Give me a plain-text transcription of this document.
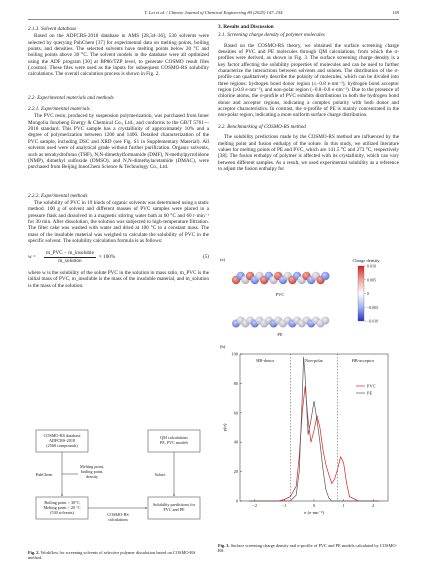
T. Lei et al. / Chinese Journal of Chemical Engineering 80 (2025) 147–154	149
2.1.3. Solvent database

Based on the ADFCRS-2018 database in AMS [28,34–36], 530 solvents were selected by querying PubChem [37] for experimental data on melting points, boiling points, and densities. The selected solvents have melting points below 20 °C and boiling points above 30 °C. The solvent models in the database were all optimized using the ADF program [30] at BP86/TZP level, to generate COSMO result files (.cosmo). These files were used as the inputs for subsequent COSMO-RS solubility calculations. The overall calculation process is shown in Fig. 2.

2.2. Experimental materials and methods
2.2.1. Experimental materials

The PVC resin, produced by suspension polymerization, was purchased from Inner Mongolia Junzheng Energy & Chemical Co., Ltd., and conforms to the GB/T 5761—2018 standard. This PVC sample has a crystallinity of approximately 10% and a degree of polymerization between 1200 and 1400. Detailed characterization of the PVC sample, including DSC and XRD (see Fig. S1 in Supplementary Material). All solvents used were of analytical grade without further purification. Organic solvents, such as tetrahydrofuran (THF), N,N-dimethylformamide (DMF), N-methylpyrrolidone (NMP), dimethyl sulfoxide (DMSO), and N,N-dimethylacetamide (DMAC), were purchased from Beijing InnoChem Science & Technology Co., Ltd.

2.2.2. Experimental methods

The solubility of PVC in 19 kinds of organic solvents was determined using a static method. 100 g of solvent and different masses of PVC samples were placed in a pressure flask and dissolved in a magnetic stirring water bath at 60 °C and 60 r·min⁻¹ for 30 min. After dissolution, the solution was subjected to high-temperature filtration. The filter cake was washed with water and dried at 100 °C to a constant mass. The mass of the insoluble material was weighed to calculate the solubility of PVC in the specific solvent. The solubility calculation formula is as follows:

w =	$\frac{\text{m\_PVC − m\_insoluble}}{\text{m\_solution}} \times 100\%$	(5)

where w is the solubility of the solute PVC in the solution in mass ratio, m_PVC is the initial mass of PVC, m_insoluble is the mass of the insoluble material, and m_solution is the mass of the solution.

3. Results and Discussion
3.1. Screening charge density of polymer molecules

Based on the COSMO-RS theory, we obtained the surface screening charge densities of PVC and PE molecules through QM calculations, from which the σ-profiles were derived, as shown in Fig. 3. The surface screening charge density is a key factor affecting the solubility properties of molecules and can be used to further characterize the interactions between solvents and solutes. The distribution of the σ-profile can qualitatively describe the polarity of molecules, which can be divided into three regions: hydrogen bond donor region (≤−0.8 e·nm⁻²), hydrogen bond acceptor region (≥0.8 e·nm⁻²), and non-polar region (−0.8–0.8 e·nm⁻²). Due to the presence of chlorine atoms, the σ-profile of PVC exhibits distributions in both the hydrogen bond donor and acceptor regions, indicating a complex polarity with both donor and acceptor characteristics. In contrast, the σ-profile of PE is mainly concentrated in the non-polar region, indicating a more uniform surface charge distribution.

3.2. Benchmarking of COSMO-RS method

The solubility predictions made by the COSMO-RS method are influenced by the melting point and fusion enthalpy of the solute. In this study, we utilized literature values for melting points of PE and PVC, which are 141.5 °C and 273 °C, respectively [38]. The fusion enthalpy of polymer is affected with its crystallinity, which can vary between different samples. As a result, we used experimental solubility as a reference to adjust the fusion enthalpy for

COSMO-RS database ADFCRS-2018 (2560 compounds)
Boiling point > 30°C Melting point < 20 °C (530 solvents)
QM calculations PE, PVC models
Solubility predictions for PVC and PE
PubChem
Melting point, boiling point, density	Solute
COSMO-RS calculations
Fig. 2. Workflow for screening solvents of selective polymer dissolution based on COSMO-RS method.
(a)	Charge density
0.010
0.005
0
−0.005
−0.010
PVC
PE
(b)
HB-donor	Non-polar	HB-acceptor
−2	−1	0	1	2
0
20
40
60
80
100
σ (e·nm⁻²)
p(σ)
PVC
PE
Fig. 3. Surface screening charge density and σ-profile of PVC and PE models calculated by COSMO-RS.
